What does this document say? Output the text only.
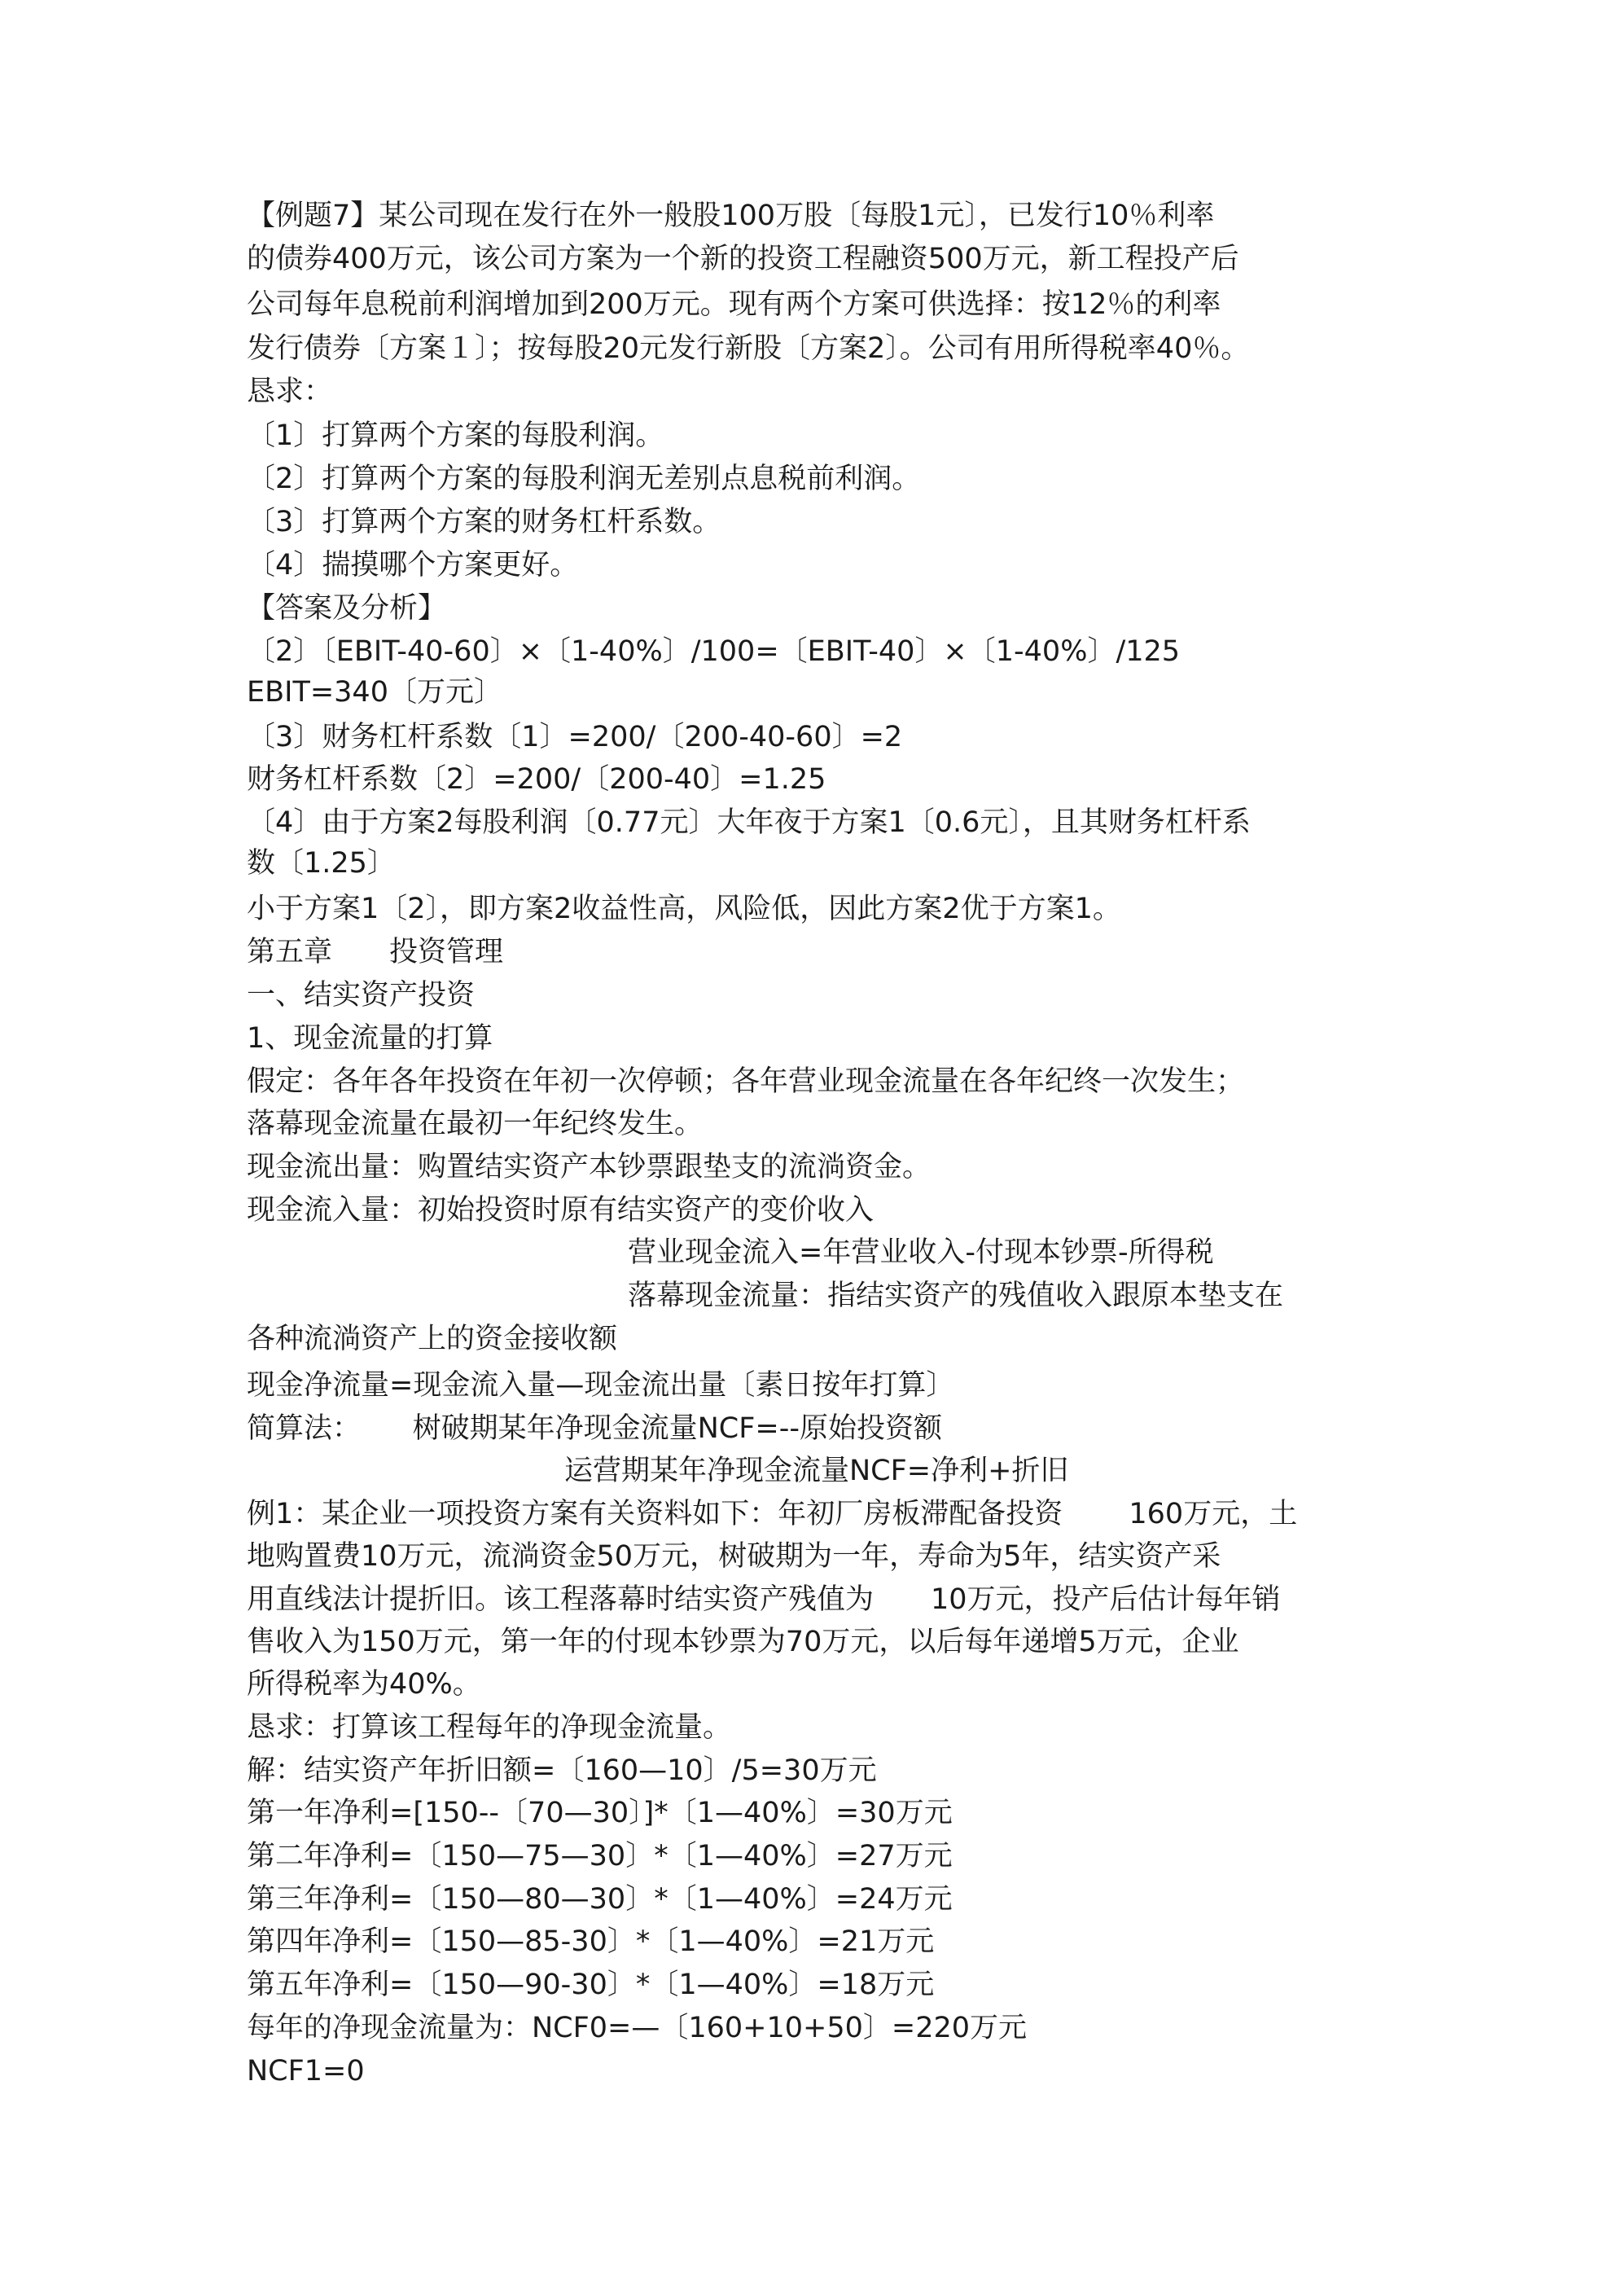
【例题7】某公司现在发行在外一般股100万股〔每股1元〕，已发行10％利率
的债券400万元，该公司方案为一个新的投资工程融资500万元，新工程投产后
公司每年息税前利润增加到200万元。现有两个方案可供选择：按12％的利率
发行债券〔方案１〕；按每股20元发行新股〔方案2〕。公司有用所得税率40％。
恳求：
〔1〕打算两个方案的每股利润。
〔2〕打算两个方案的每股利润无差别点息税前利润。
〔3〕打算两个方案的财务杠杆系数。
〔4〕揣摸哪个方案更好。
【答案及分析】
〔2〕〔EBIT-40-60〕×〔1-40%〕/100=〔EBIT-40〕×〔1-40%〕/125
EBIT=340〔万元〕
〔3〕财务杠杆系数〔1〕=200/〔200-40-60〕=2
财务杠杆系数〔2〕=200/〔200-40〕=1.25
〔4〕由于方案2每股利润〔0.77元〕大年夜于方案1〔0.6元〕，且其财务杠杆系
数〔1.25〕
小于方案1〔2〕，即方案2收益性高，风险低，因此方案2优于方案1。
第五章　　投资管理
一、结实资产投资
1、现金流量的打算
假定：各年各年投资在年初一次停顿；各年营业现金流量在各年纪终一次发生；
落幕现金流量在最初一年纪终发生。
现金流出量：购置结实资产本钞票跟垫支的流淌资金。
现金流入量：初始投资时原有结实资产的变价收入
营业现金流入=年营业收入-付现本钞票-所得税
落幕现金流量：指结实资产的残值收入跟原本垫支在
各种流淌资产上的资金接收额
现金净流量=现金流入量—现金流出量〔素日按年打算〕
简算法：　　 树破期某年净现金流量NCF=--原始投资额
运营期某年净现金流量NCF=净利+折旧
例1：某企业一项投资方案有关资料如下：年初厂房板滞配备投资　　 160万元，土
地购置费10万元，流淌资金50万元，树破期为一年，寿命为5年，结实资产采
用直线法计提折旧。该工程落幕时结实资产残值为　　10万元，投产后估计每年销
售收入为150万元，第一年的付现本钞票为70万元，以后每年递增5万元，企业
所得税率为40%。
恳求：打算该工程每年的净现金流量。
解：结实资产年折旧额=〔160—10〕/5=30万元
第一年净利=[150--〔70—30〕]*〔1—40%〕=30万元
第二年净利=〔150—75—30〕*〔1—40%〕=27万元
第三年净利=〔150—80—30〕*〔1—40%〕=24万元
第四年净利=〔150—85-30〕*〔1—40%〕=21万元
第五年净利=〔150—90-30〕*〔1—40%〕=18万元
每年的净现金流量为：NCF0=—〔160+10+50〕=220万元
NCF1=0
